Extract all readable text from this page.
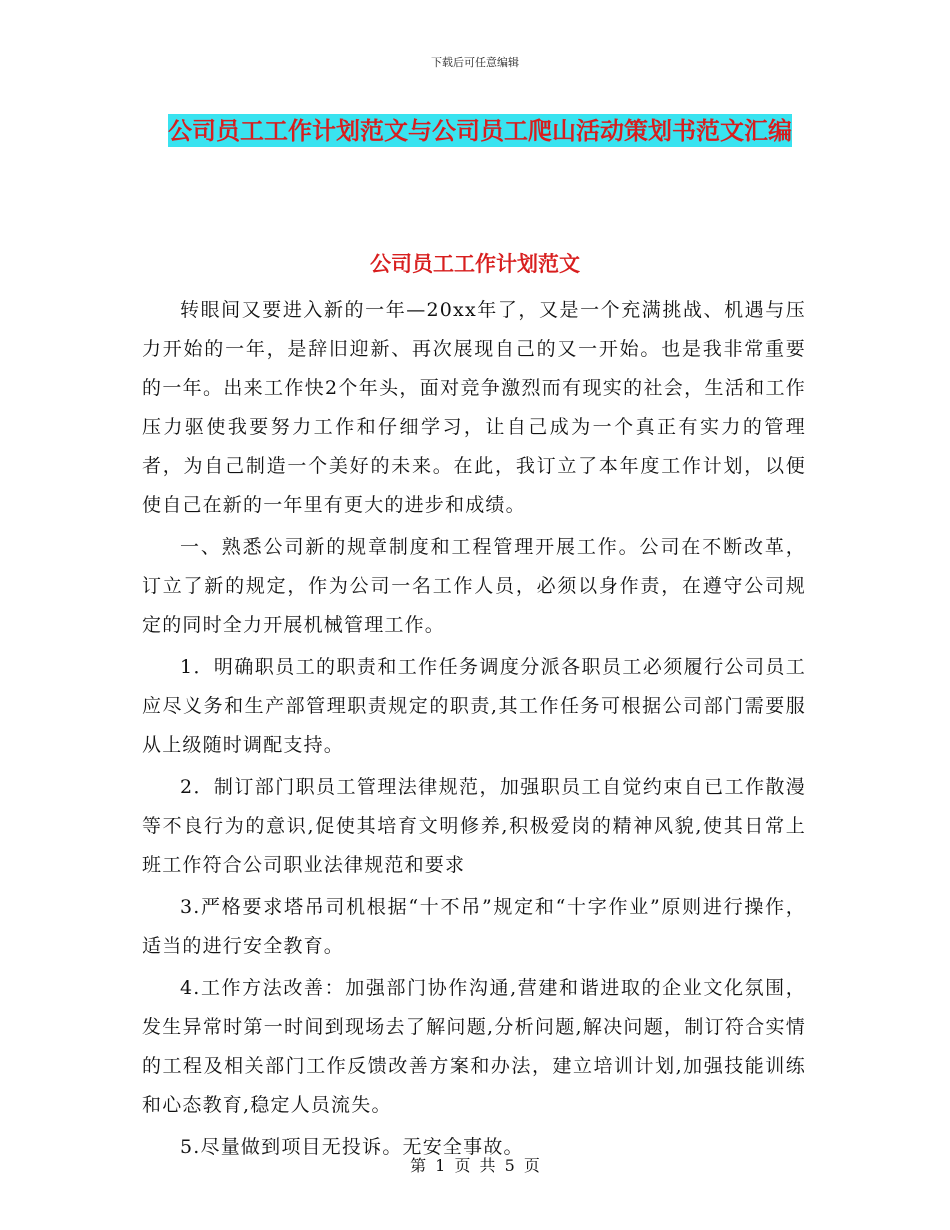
下载后可任意编辑
公司员工工作计划范文与公司员工爬山活动策划书范文汇编
公司员工工作计划范文

转眼间又要进入新的一年—20xx年了，又是一个充满挑战、机遇与压力开始的一年，是辞旧迎新、再次展现自己的又一开始。也是我非常重要的一年。出来工作快2个年头，面对竞争激烈而有现实的社会，生活和工作压力驱使我要努力工作和仔细学习，让自己成为一个真正有实力的管理者，为自己制造一个美好的未来。在此，我订立了本年度工作计划，以便使自己在新的一年里有更大的进步和成绩。

一、熟悉公司新的规章制度和工程管理开展工作。公司在不断改革，订立了新的规定，作为公司一名工作人员，必须以身作责，在遵守公司规定的同时全力开展机械管理工作。

1．明确职员工的职责和工作任务调度分派各职员工必须履行公司员工应尽义务和生产部管理职责规定的职责,其工作任务可根据公司部门需要服从上级随时调配支持。

2．制订部门职员工管理法律规范，加强职员工自觉约束自已工作散漫等不良行为的意识,促使其培育文明修养,积极爱岗的精神风貌,使其日常上班工作符合公司职业法律规范和要求

3.严格要求塔吊司机根据“十不吊”规定和“十字作业”原则进行操作，适当的进行安全教育。

4.工作方法改善：加强部门协作沟通,营建和谐进取的企业文化氛围，发生异常时第一时间到现场去了解问题,分析问题,解决问题，制订符合实情的工程及相关部门工作反馈改善方案和办法，建立培训计划,加强技能训练和心态教育,稳定人员流失。

5.尽量做到项目无投诉。无安全事故。

第 1 页 共 5 页
